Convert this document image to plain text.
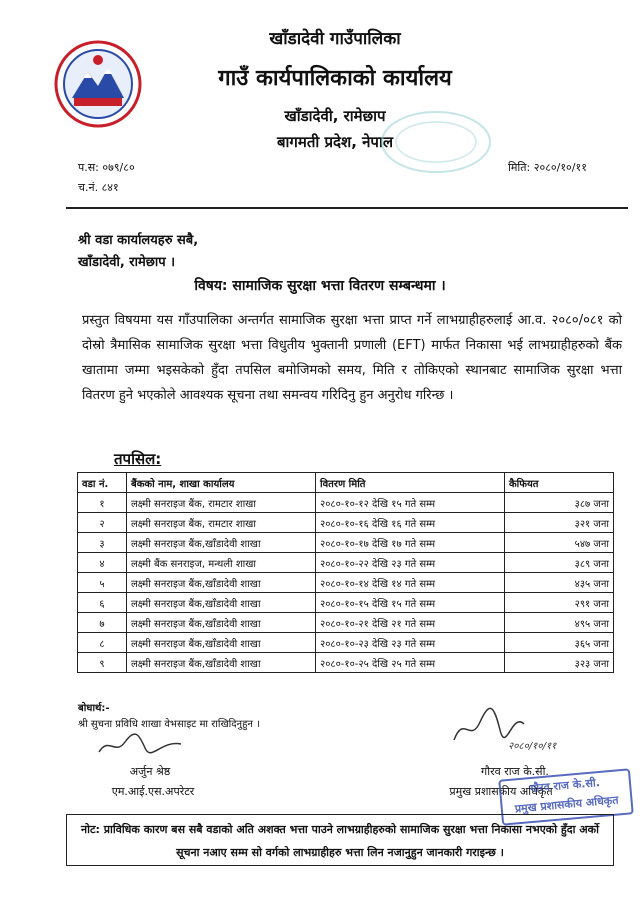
खाँडादेवी गाउँपालिका
गाउँ कार्यपालिकाको कार्यालय
खाँडादेवी, रामेछाप
बागमती प्रदेश, नेपाल
प.स: ०७९/८०
च.नं. ८४१
मिति: २०८०/१०/११
श्री वडा कार्यालयहरु सबै,
खाँडादेवी, रामेछाप ।
विषय: सामाजिक सुरक्षा भत्ता वितरण सम्बन्धमा ।
प्रस्तुत विषयमा यस गाँउपालिका अन्तर्गत सामाजिक सुरक्षा भत्ता प्राप्त गर्ने लाभग्राहीहरुलाई आ.व. २०८०/०८१ को दोस्रो त्रैमासिक सामाजिक सुरक्षा भत्ता विधुतीय भुक्तानी प्रणाली (EFT) मार्फत निकासा भई लाभग्राहीहरुको बैंक खातामा जम्मा भइसकेको हुँदा तपसिल बमोजिमको समय, मिति र तोकिएको स्थानबाट सामाजिक सुरक्षा भत्ता वितरण हुने भएकोले आवश्यक सूचना तथा समन्वय गरिदिनु हुन अनुरोध गरिन्छ ।
तपसिल:
वडा नं.	बैंकको नाम, शाखा कार्यालय	वितरण मिति	कैफियत
१	लक्ष्मी सनराइज बैंक, रामटार शाखा	२०८०-१०-१२ देखि १५ गते सम्म	३८७ जना
२	लक्ष्मी सनराइज बैंक, रामटार शाखा	२०८०-१०-१६ देखि १६ गते सम्म	३२१ जना
३	लक्ष्मी सनराइज बैंक,खाँडादेवी शाखा	२०८०-१०-१७ देखि १७ गते सम्म	५४७ जना
४	लक्ष्मी बैंक सनराइज, मन्थली शाखा	२०८०-१०-२२ देखि २३ गते सम्म	३८९ जना
५	लक्ष्मी सनराइज बैंक,खाँडादेवी शाखा	२०८०-१०-१४ देखि १४ गते सम्म	४३५ जना
६	लक्ष्मी सनराइज बैंक,खाँडादेवी शाखा	२०८०-१०-१५ देखि १५ गते सम्म	२९१ जना
७	लक्ष्मी सनराइज बैंक,खाँडादेवी शाखा	२०८०-१०-२१ देखि २१ गते सम्म	४९५ जना
८	लक्ष्मी सनराइज बैंक,खाँडादेवी शाखा	२०८०-१०-२३ देखि २३ गते सम्म	३६५ जना
९	लक्ष्मी सनराइज बैंक,खाँडादेवी शाखा	२०८०-१०-२५ देखि २५ गते सम्म	३२३ जना
बोधार्थ:-
श्री सुचना प्रविधि शाखा वेभसाइट मा राखिदिनुहुन ।
अर्जुन श्रेष्ठ
एम.आई.एस.अपरेटर
२०८०/१०/११
गौरव राज के.सी.
प्रमुख प्रशासकीय अधिकृत
गौरव राज के.सी.
प्रमुख प्रशासकीय अधिकृत
नोट: प्राविधिक कारण बस सबै वडाको अति अशक्त भत्ता पाउने लाभग्राहीहरुको सामाजिक सुरक्षा भत्ता निकासा नभएको हुँदा अर्को सूचना नआए सम्म सो वर्गको लाभग्राहीहरु भत्ता लिन नजानुहुन जानकारी गराइन्छ ।
